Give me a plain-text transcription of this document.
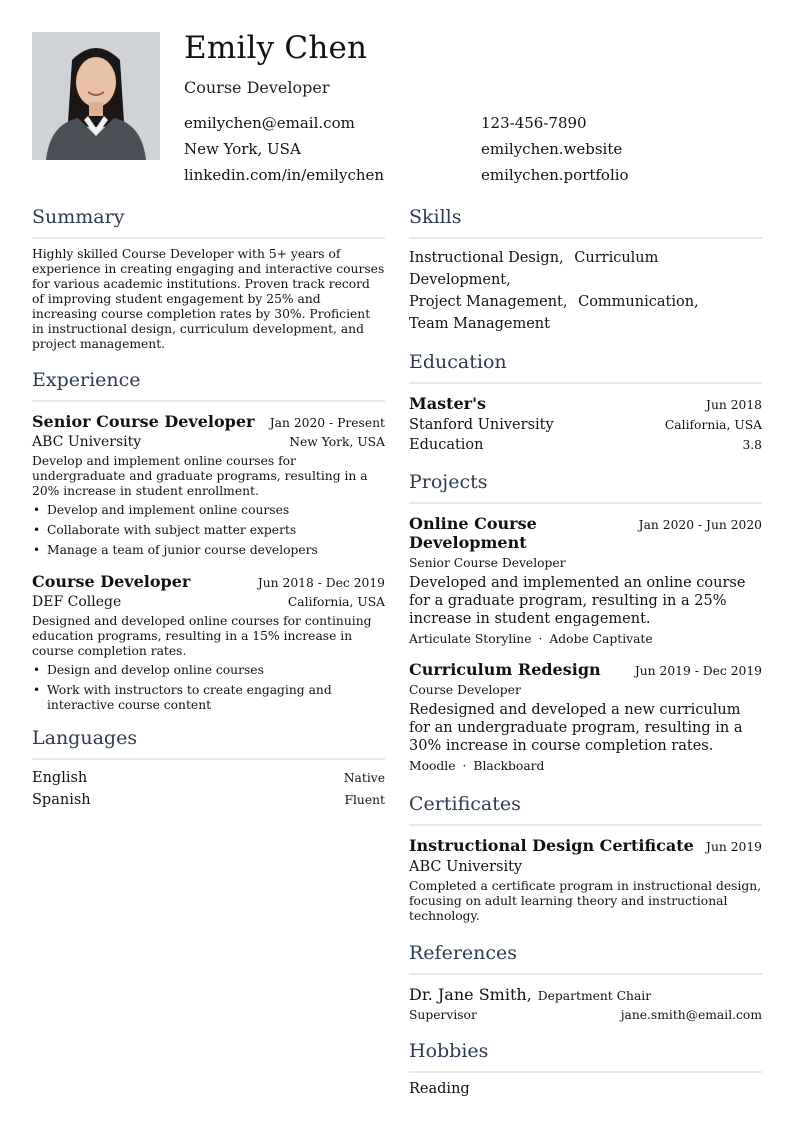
Emily Chen
Course Developer
emilychen@email.com	123-456-7890
New York, USA	emilychen.website
linkedin.com/in/emilychen	emilychen.portfolio
Summary
Highly skilled Course Developer with 5+ years of experience in creating engaging and interactive courses for various academic institutions. Proven track record of improving student engagement by 25% and increasing course completion rates by 30%. Proficient in instructional design, curriculum development, and project management.
Experience
Senior Course Developer Jan 2020 - Present
ABC University	New York, USA
Develop and implement online courses for undergraduate and graduate programs, resulting in a 20% increase in student enrollment.
• Develop and implement online courses
• Collaborate with subject matter experts
• Manage a team of junior course developers
Course Developer	Jun 2018 - Dec 2019
DEF College	California, USA
Designed and developed online courses for continuing education programs, resulting in a 15% increase in course completion rates.
• Design and develop online courses
• Work with instructors to create engaging and interactive course content
Languages
English	Native
Spanish	Fluent
Skills
Instructional Design, Curriculum Development,
Project Management, Communication,
Team Management
Education
Master's	Jun 2018
Stanford University	California, USA
Education	3.8
Projects
Online Course Development
Jan 2020 - Jun 2020
Senior Course Developer
Developed and implemented an online course for a graduate program, resulting in a 25% increase in student engagement.
Articulate Storyline · Adobe Captivate
Curriculum Redesign	Jun 2019 - Dec 2019
Course Developer
Redesigned and developed a new curriculum for an undergraduate program, resulting in a 30% increase in course completion rates.
Moodle · Blackboard
Certificates
Instructional Design Certificate Jun 2019
ABC University
Completed a certificate program in instructional design, focusing on adult learning theory and instructional technology.
References
Dr. Jane Smith, Department Chair
Supervisor	jane.smith@email.com
Hobbies
Reading
